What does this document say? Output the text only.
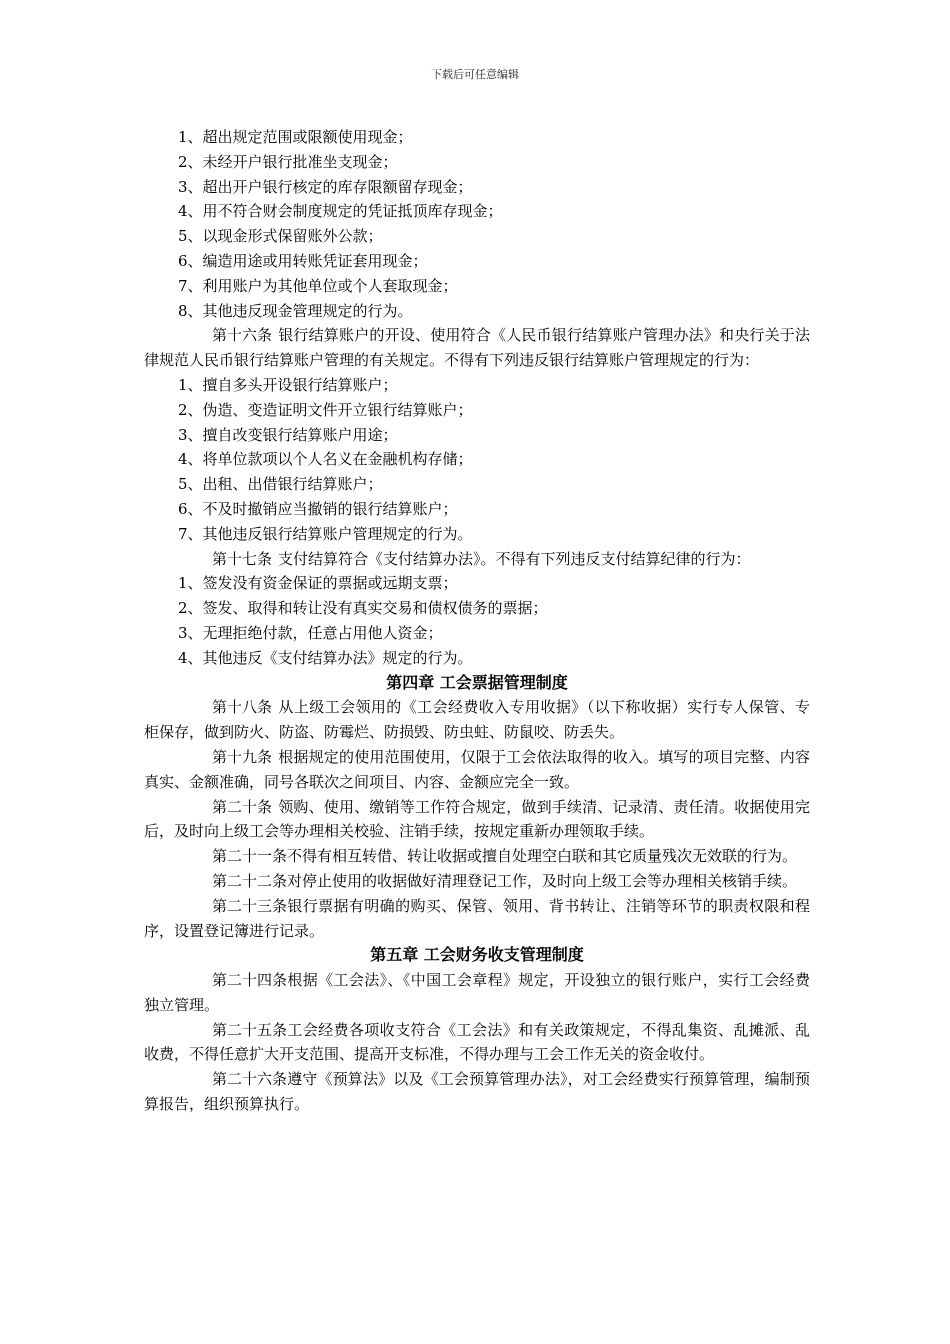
下载后可任意编辑

1、超出规定范围或限额使用现金；

2、未经开户银行批准坐支现金；

3、超出开户银行核定的库存限额留存现金；

4、用不符合财会制度规定的凭证抵顶库存现金；

5、以现金形式保留账外公款；

6、编造用途或用转账凭证套用现金；

7、利用账户为其他单位或个人套取现金；

8、其他违反现金管理规定的行为。

第十六条 银行结算账户的开设、使用符合《人民币银行结算账户管理办法》和央行关于法律规范人民币银行结算账户管理的有关规定。不得有下列违反银行结算账户管理规定的行为：

1、擅自多头开设银行结算账户；

2、伪造、变造证明文件开立银行结算账户；

3、擅自改变银行结算账户用途；

4、将单位款项以个人名义在金融机构存储；

5、出租、出借银行结算账户；

6、不及时撤销应当撤销的银行结算账户；

7、其他违反银行结算账户管理规定的行为。

第十七条 支付结算符合《支付结算办法》。不得有下列违反支付结算纪律的行为：

1、签发没有资金保证的票据或远期支票；

2、签发、取得和转让没有真实交易和债权债务的票据；

3、无理拒绝付款，任意占用他人资金；

4、其他违反《支付结算办法》规定的行为。

第四章 工会票据管理制度

第十八条 从上级工会领用的《工会经费收入专用收据》（以下称收据）实行专人保管、专柜保存，做到防火、防盗、防霉烂、防损毁、防虫蛀、防鼠咬、防丢失。

第十九条 根据规定的使用范围使用，仅限于工会依法取得的收入。填写的项目完整、内容真实、金额准确，同号各联次之间项目、内容、金额应完全一致。

第二十条 领购、使用、缴销等工作符合规定，做到手续清、记录清、责任清。收据使用完后，及时向上级工会等办理相关校验、注销手续，按规定重新办理领取手续。

第二十一条不得有相互转借、转让收据或擅自处理空白联和其它质量残次无效联的行为。

第二十二条对停止使用的收据做好清理登记工作，及时向上级工会等办理相关核销手续。

第二十三条银行票据有明确的购买、保管、领用、背书转让、注销等环节的职责权限和程序，设置登记簿进行记录。

第五章 工会财务收支管理制度

第二十四条根据《工会法》、《中国工会章程》规定，开设独立的银行账户，实行工会经费独立管理。

第二十五条工会经费各项收支符合《工会法》和有关政策规定，不得乱集资、乱摊派、乱收费，不得任意扩大开支范围、提高开支标准，不得办理与工会工作无关的资金收付。

第二十六条遵守《预算法》以及《工会预算管理办法》，对工会经费实行预算管理，编制预算报告，组织预算执行。
